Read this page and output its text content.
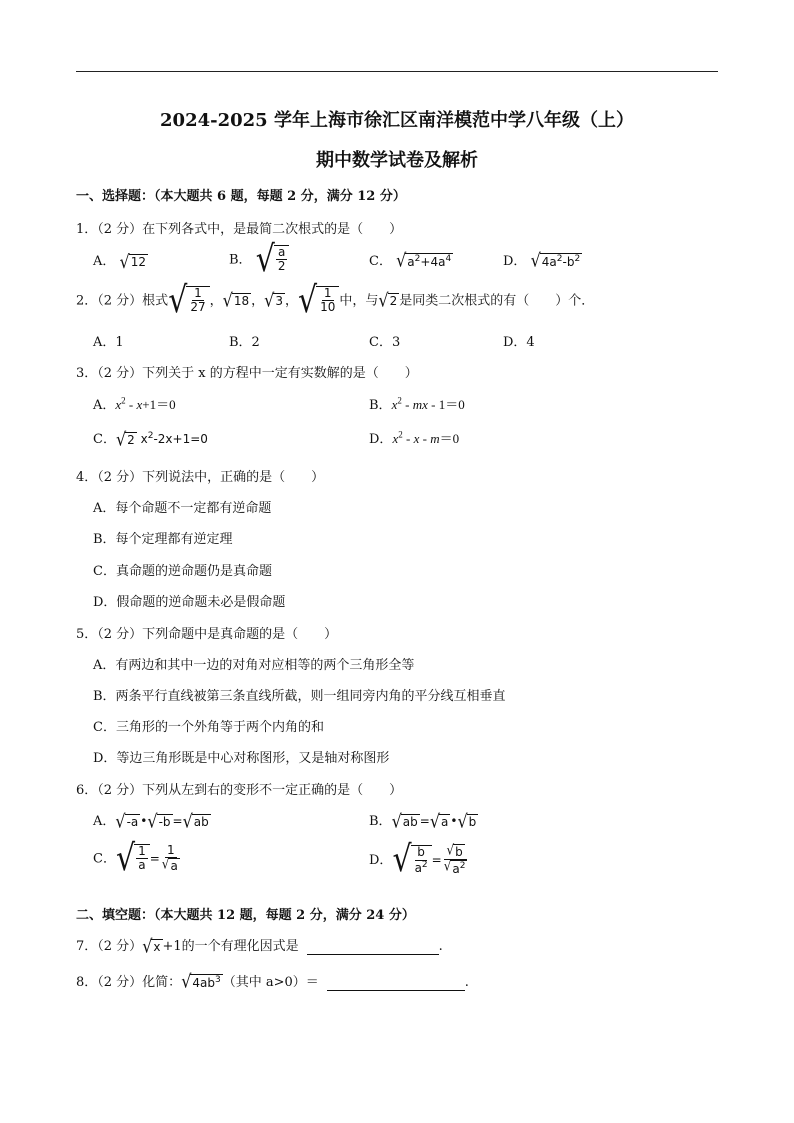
2024-2025 学年上海市徐汇区南洋模范中学八年级（上）
期中数学试卷及解析
一、选择题：（本大题共 6 题，每题 2 分，满分 12 分）
1．（2 分）在下列各式中，是最简二次根式的是（　　）
A． √ 12	B． √ $\frac{a}{2}$	C． √ $a^2+4a^4$	D． √ $4a^2-b^2$
2．（2 分）根式 √ $\frac{1}{27}$ ， √ 18 ， √ 3 ， √ $\frac{1}{10}$ 中，与 √ 2 是同类二次根式的有（　　）个．
A．1	B．2	C．3	D．4
3．（2 分）下列关于 x 的方程中一定有实数解的是（　　）
A．$x^2 - x+1=0$	B．$x^2$ - mx - 1＝0
C． √ 2 $x^2-2x+1=0$	D．$x^2 - x - m=0$
4．（2 分）下列说法中，正确的是（　　）
A．每个命题不一定都有逆命题
B．每个定理都有逆定理
C．真命题的逆命题仍是真命题
D．假命题的逆命题未必是假命题
5．（2 分）下列命题中是真命题的是（　　）
A．有两边和其中一边的对角对应相等的两个三角形全等
B．两条平行直线被第三条直线所截，则一组同旁内角的平分线互相垂直
C．三角形的一个外角等于两个内角的和
D．等边三角形既是中心对称图形，又是轴对称图形
6．（2 分）下列从左到右的变形不一定正确的是（　　）
A． √ -a • √ -b = √ ab	B． √ ab = √ a • √ b
C． √ $\frac{1}{a} = \frac{1}{√ a}$	D． √ $\frac{b}{a^2} = \frac{√ b}{√ a^2}$
二、填空题：（本大题共 12 题，每题 2 分，满分 24 分）
7．（2 分） √ x +1的一个有理化因式是	.
8．（2 分）化简： √ $4ab^3$ （其中 a>0）＝	.
